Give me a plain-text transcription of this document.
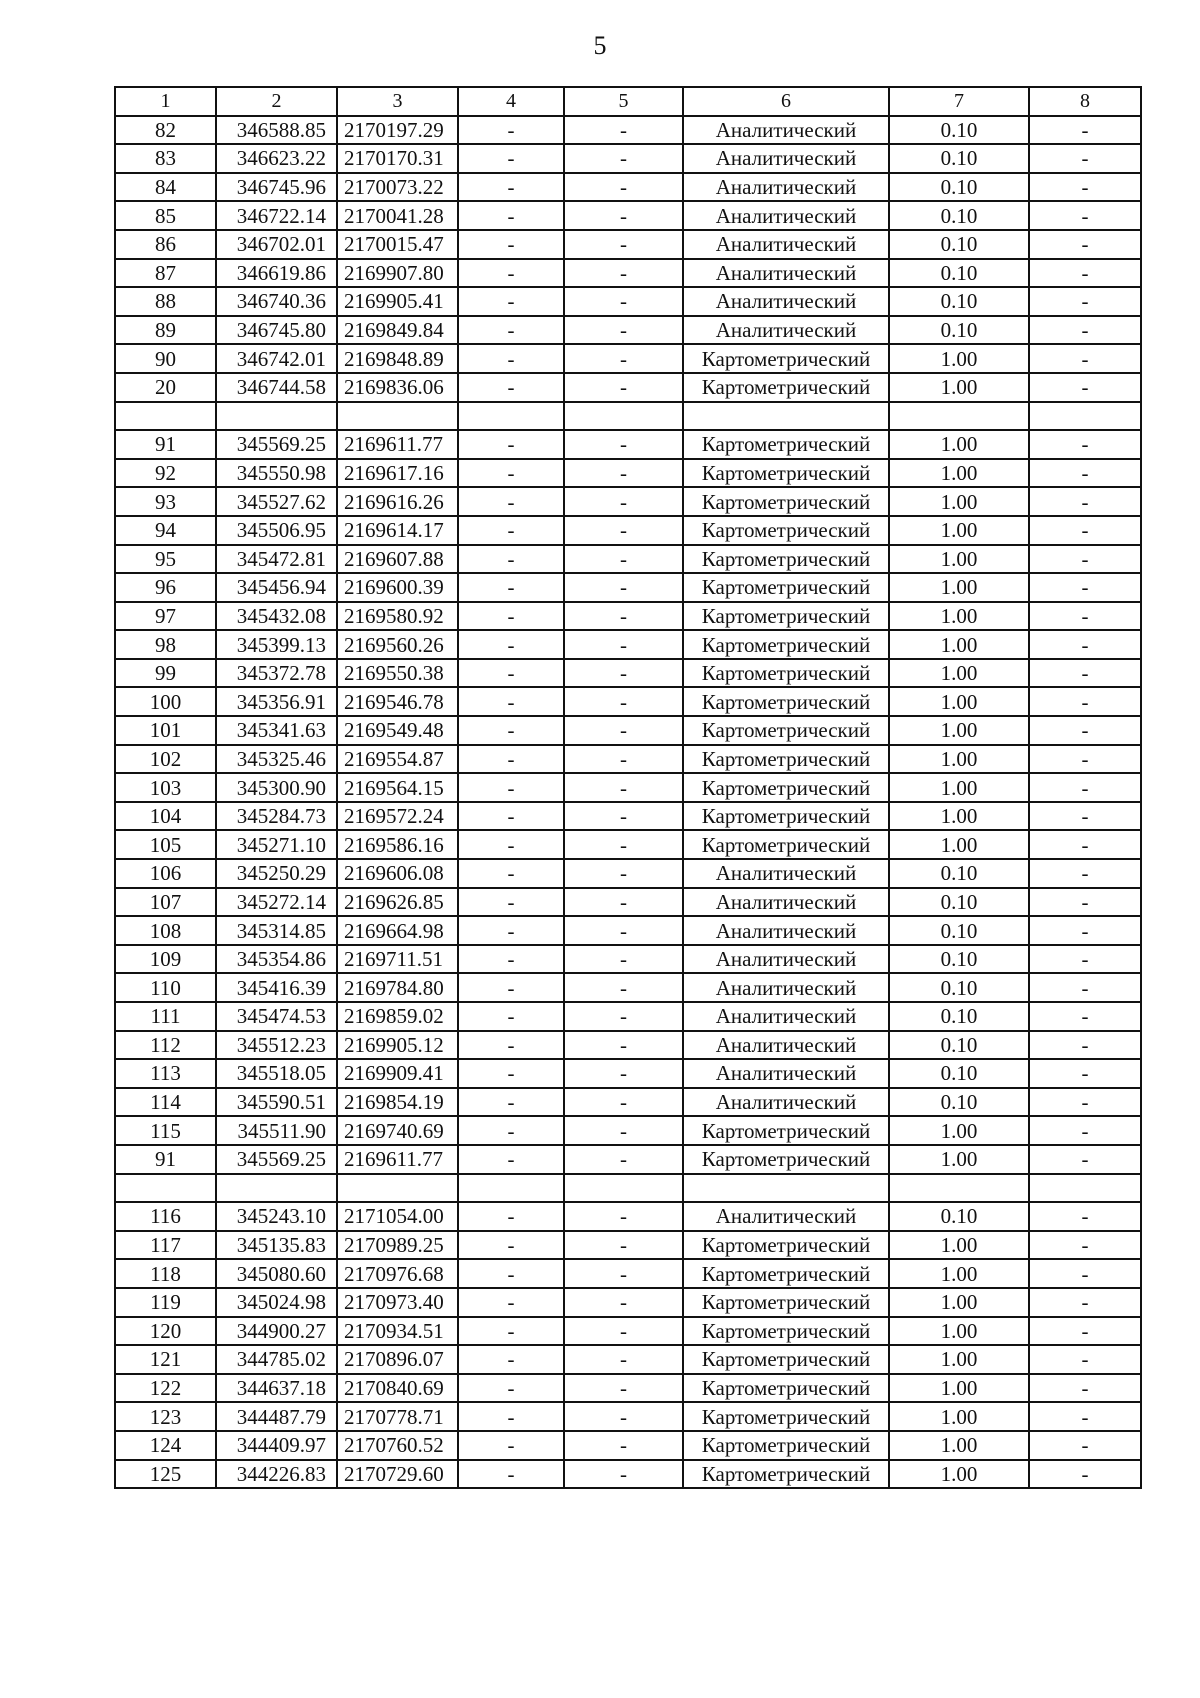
5
1	2	3	4	5	6	7	8
82	346588.85	2170197.29	-	-	Аналитический	0.10	-
83	346623.22	2170170.31	-	-	Аналитический	0.10	-
84	346745.96	2170073.22	-	-	Аналитический	0.10	-
85	346722.14	2170041.28	-	-	Аналитический	0.10	-
86	346702.01	2170015.47	-	-	Аналитический	0.10	-
87	346619.86	2169907.80	-	-	Аналитический	0.10	-
88	346740.36	2169905.41	-	-	Аналитический	0.10	-
89	346745.80	2169849.84	-	-	Аналитический	0.10	-
90	346742.01	2169848.89	-	-	Картометрический	1.00	-
20	346744.58	2169836.06	-	-	Картометрический	1.00	-

91	345569.25	2169611.77	-	-	Картометрический	1.00	-
92	345550.98	2169617.16	-	-	Картометрический	1.00	-
93	345527.62	2169616.26	-	-	Картометрический	1.00	-
94	345506.95	2169614.17	-	-	Картометрический	1.00	-
95	345472.81	2169607.88	-	-	Картометрический	1.00	-
96	345456.94	2169600.39	-	-	Картометрический	1.00	-
97	345432.08	2169580.92	-	-	Картометрический	1.00	-
98	345399.13	2169560.26	-	-	Картометрический	1.00	-
99	345372.78	2169550.38	-	-	Картометрический	1.00	-
100	345356.91	2169546.78	-	-	Картометрический	1.00	-
101	345341.63	2169549.48	-	-	Картометрический	1.00	-
102	345325.46	2169554.87	-	-	Картометрический	1.00	-
103	345300.90	2169564.15	-	-	Картометрический	1.00	-
104	345284.73	2169572.24	-	-	Картометрический	1.00	-
105	345271.10	2169586.16	-	-	Картометрический	1.00	-
106	345250.29	2169606.08	-	-	Аналитический	0.10	-
107	345272.14	2169626.85	-	-	Аналитический	0.10	-
108	345314.85	2169664.98	-	-	Аналитический	0.10	-
109	345354.86	2169711.51	-	-	Аналитический	0.10	-
110	345416.39	2169784.80	-	-	Аналитический	0.10	-
111	345474.53	2169859.02	-	-	Аналитический	0.10	-
112	345512.23	2169905.12	-	-	Аналитический	0.10	-
113	345518.05	2169909.41	-	-	Аналитический	0.10	-
114	345590.51	2169854.19	-	-	Аналитический	0.10	-
115	345511.90	2169740.69	-	-	Картометрический	1.00	-
91	345569.25	2169611.77	-	-	Картометрический	1.00	-

116	345243.10	2171054.00	-	-	Аналитический	0.10	-
117	345135.83	2170989.25	-	-	Картометрический	1.00	-
118	345080.60	2170976.68	-	-	Картометрический	1.00	-
119	345024.98	2170973.40	-	-	Картометрический	1.00	-
120	344900.27	2170934.51	-	-	Картометрический	1.00	-
121	344785.02	2170896.07	-	-	Картометрический	1.00	-
122	344637.18	2170840.69	-	-	Картометрический	1.00	-
123	344487.79	2170778.71	-	-	Картометрический	1.00	-
124	344409.97	2170760.52	-	-	Картометрический	1.00	-
125	344226.83	2170729.60	-	-	Картометрический	1.00	-
